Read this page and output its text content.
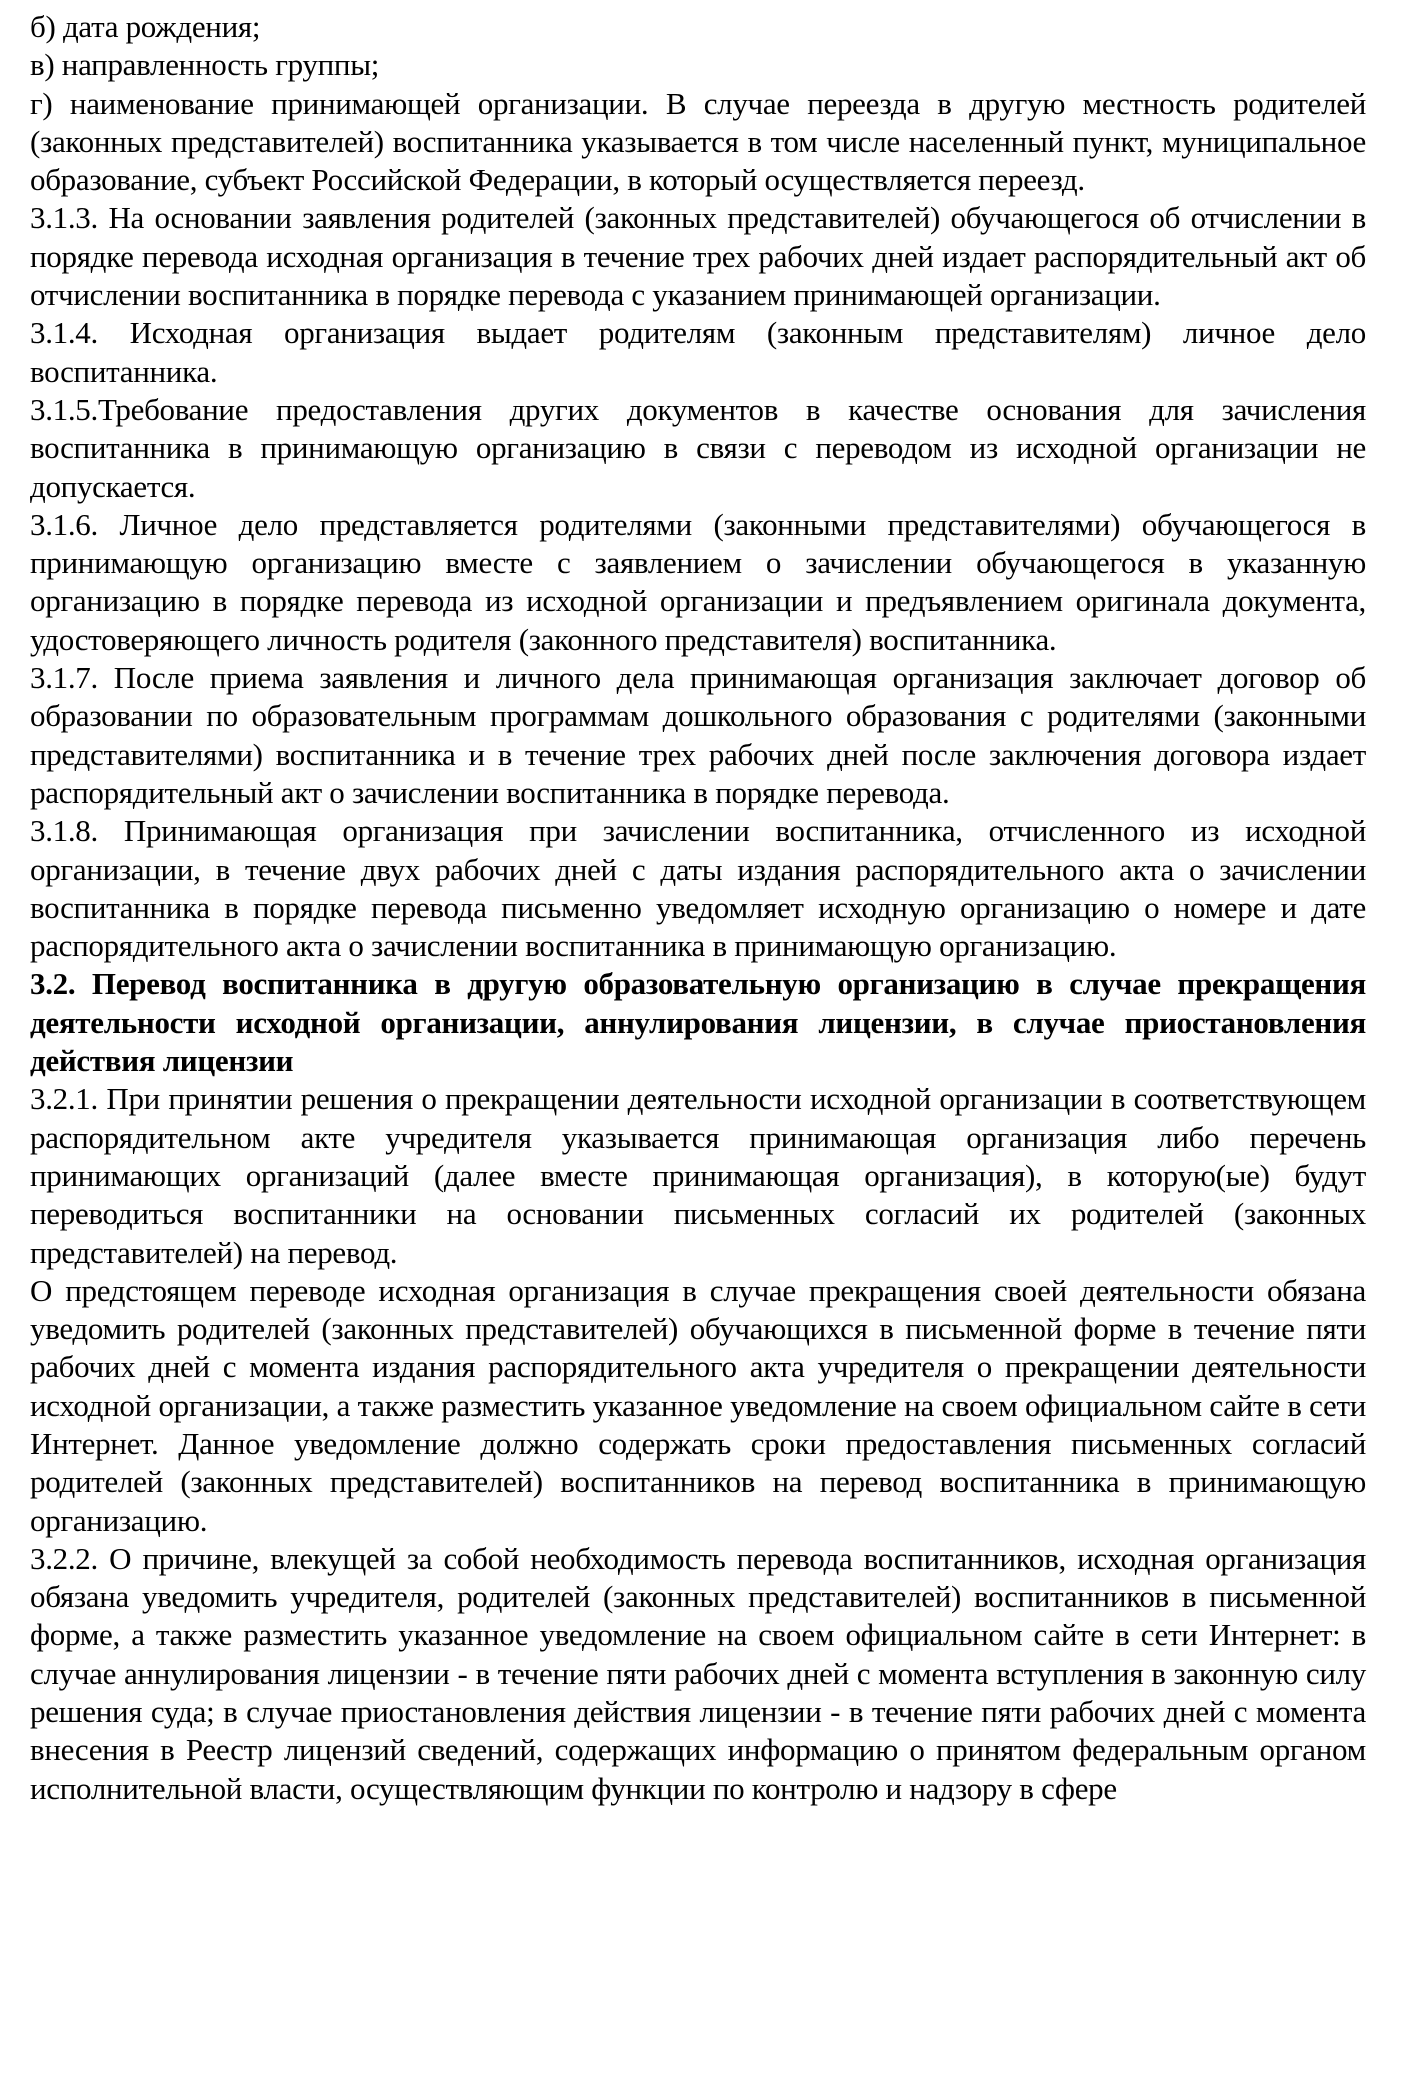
б) дата рождения;

в) направленность группы;

г) наименование принимающей организации. В случае переезда в другую местность родителей (законных представителей) воспитанника указывается в том числе населенный пункт, муниципальное образование, субъект Российской Федерации, в который осуществляется переезд.

3.1.3. На основании заявления родителей (законных представителей) обучающегося об отчислении в порядке перевода исходная организация в течение трех рабочих дней издает распорядительный акт об отчислении воспитанника в порядке перевода с указанием принимающей организации.

3.1.4. Исходная организация выдает родителям (законным представителям) личное дело воспитанника.

3.1.5.Требование предоставления других документов в качестве основания для зачисления воспитанника в принимающую организацию в связи с переводом из исходной организации не допускается.

3.1.6. Личное дело представляется родителями (законными представителями) обучающегося в принимающую организацию вместе с заявлением о зачислении обучающегося в указанную организацию в порядке перевода из исходной организации и предъявлением оригинала документа, удостоверяющего личность родителя (законного представителя) воспитанника.

3.1.7. После приема заявления и личного дела принимающая организация заключает договор об образовании по образовательным программам дошкольного образования с родителями (законными представителями) воспитанника и в течение трех рабочих дней после заключения договора издает распорядительный акт о зачислении воспитанника в порядке перевода.

3.1.8. Принимающая организация при зачислении воспитанника, отчисленного из исходной организации, в течение двух рабочих дней с даты издания распорядительного акта о зачислении воспитанника в порядке перевода письменно уведомляет исходную организацию о номере и дате распорядительного акта о зачислении воспитанника в принимающую организацию.

3.2. Перевод воспитанника в другую образовательную организацию в случае прекращения деятельности исходной организации, аннулирования лицензии, в случае приостановления действия лицензии

3.2.1. При принятии решения о прекращении деятельности исходной организации в соответствующем распорядительном акте учредителя указывается принимающая организация либо перечень принимающих организаций (далее вместе принимающая организация), в которую(ые) будут переводиться воспитанники на основании письменных согласий их родителей (законных представителей) на перевод.

О предстоящем переводе исходная организация в случае прекращения своей деятельности обязана уведомить родителей (законных представителей) обучающихся в письменной форме в течение пяти рабочих дней с момента издания распорядительного акта учредителя о прекращении деятельности исходной организации, а также разместить указанное уведомление на своем официальном сайте в сети Интернет. Данное уведомление должно содержать сроки предоставления письменных согласий родителей (законных представителей) воспитанников на перевод воспитанника в принимающую организацию.

3.2.2. О причине, влекущей за собой необходимость перевода воспитанников, исходная организация обязана уведомить учредителя, родителей (законных представителей) воспитанников в письменной форме, а также разместить указанное уведомление на своем официальном сайте в сети Интернет: в случае аннулирования лицензии - в течение пяти рабочих дней с момента вступления в законную силу решения суда; в случае приостановления действия лицензии - в течение пяти рабочих дней с момента внесения в Реестр лицензий сведений, содержащих информацию о принятом федеральным органом исполнительной власти, осуществляющим функции по контролю и надзору в сфере
